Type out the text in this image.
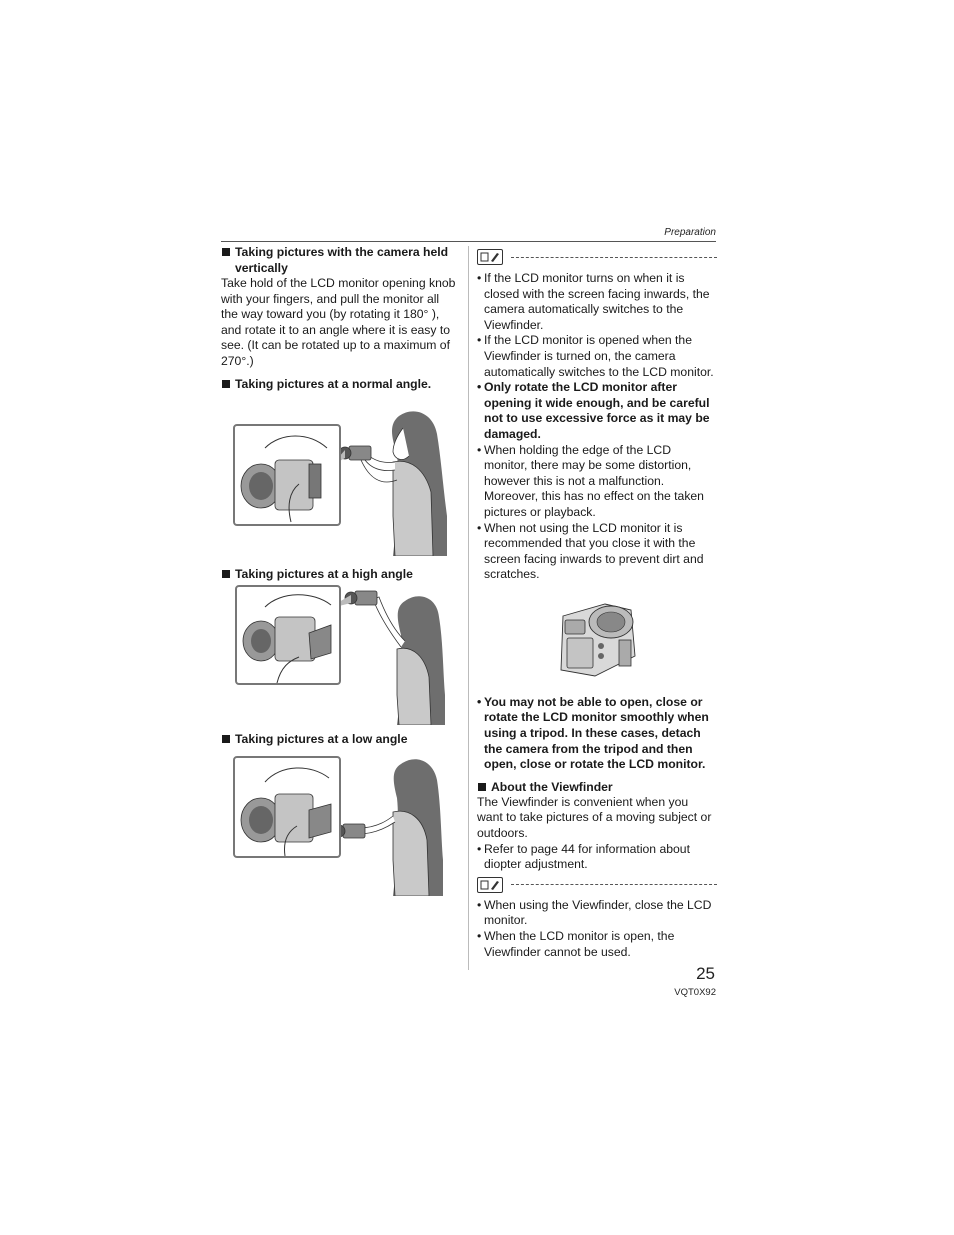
Preparation
Taking pictures with the camera held vertically

Take hold of the LCD monitor opening knob with your fingers, and pull the monitor all the way toward you (by rotating it 180° ), and rotate it to an angle where it is easy to see. (It can be rotated up to a maximum of 270°.)

Taking pictures at a normal angle.
Taking pictures at a high angle
Taking pictures at a low angle
• If the LCD monitor turns on when it is closed with the screen facing inwards, the camera automatically switches to the Viewfinder.
• If the LCD monitor is opened when the Viewfinder is turned on, the camera automatically switches to the LCD monitor.
• Only rotate the LCD monitor after opening it wide enough, and be careful not to use excessive force as it may be damaged.
• When holding the edge of the LCD monitor, there may be some distortion, however this is not a malfunction. Moreover, this has no effect on the taken pictures or playback.
• When not using the LCD monitor it is recommended that you close it with the screen facing inwards to prevent dirt and scratches.
• You may not be able to open, close or rotate the LCD monitor smoothly when using a tripod. In these cases, detach the camera from the tripod and then open, close or rotate the LCD monitor.
About the Viewfinder

The Viewfinder is convenient when you want to take pictures of a moving subject or outdoors.

• Refer to page 44 for information about diopter adjustment.
• When using the Viewfinder, close the LCD monitor.
• When the LCD monitor is open, the Viewfinder cannot be used.
25
VQT0X92
